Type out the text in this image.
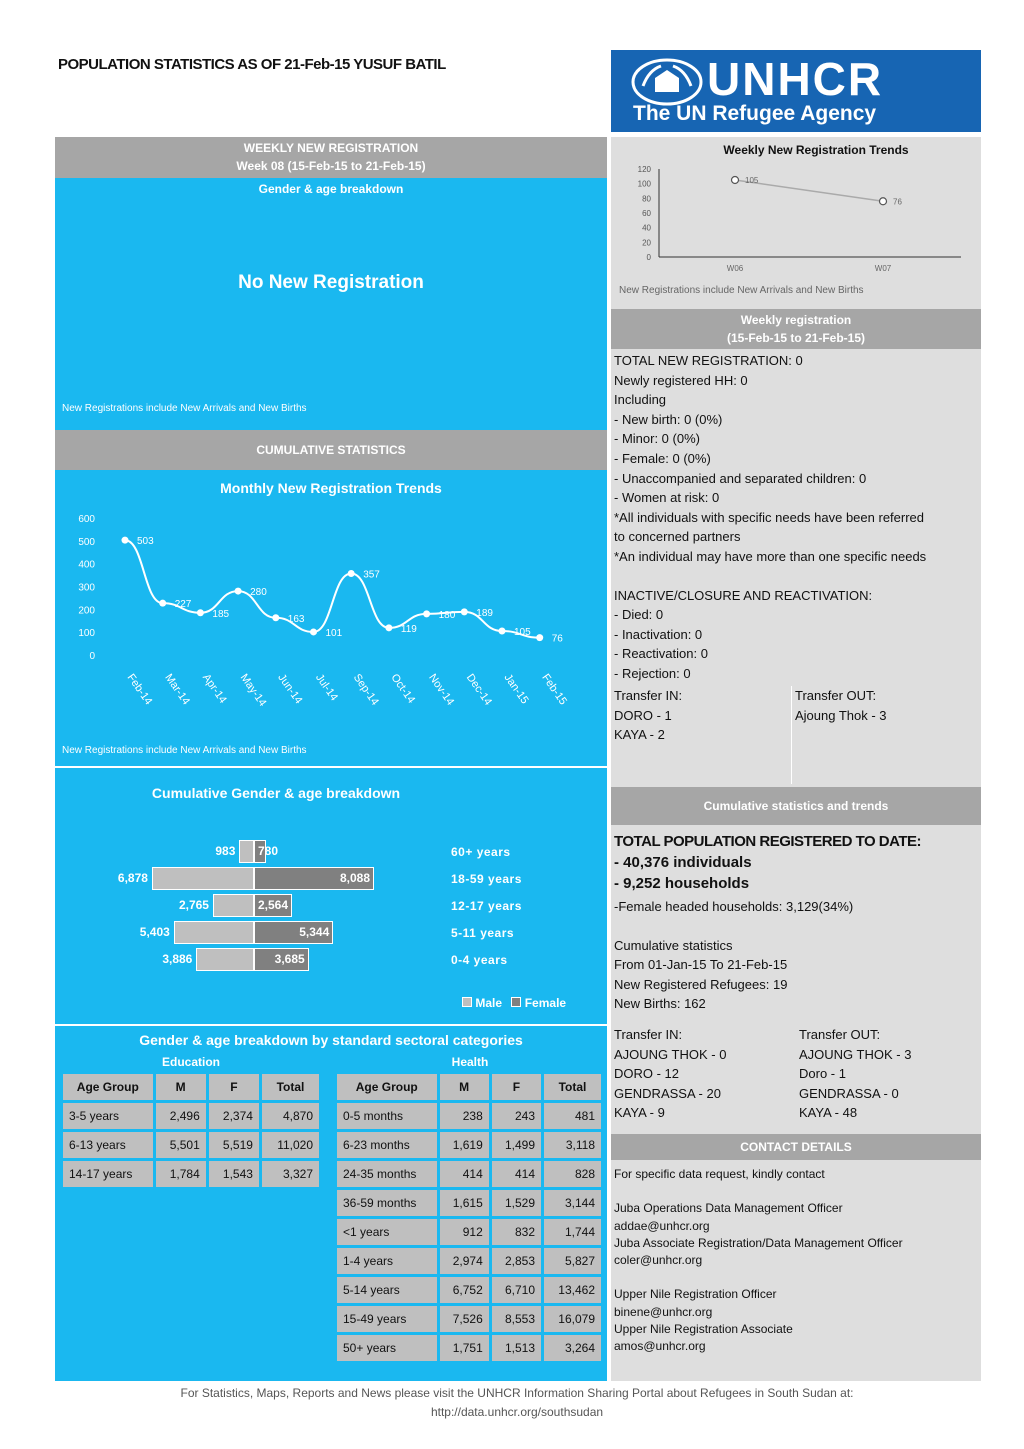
POPULATION STATISTICS AS OF 21-Feb-15 YUSUF BATIL	UNHCR
The UN Refugee Agency
WEEKLY NEW REGISTRATION
Week 08 (15-Feb-15 to 21-Feb-15)
Gender & age breakdown
No New Registration
New Registrations include New Arrivals and New Births
CUMULATIVE STATISTICS
Monthly New Registration Trends
600
500
400
300
200
100
0
503
Feb-14
227
Mar-14
185
Apr-14
280
May-14
163
Jun-14
101
Jul-14
357
Sep-14
119
Oct-14
180
Nov-14
189
Dec-14
105
Jan-15
76
Feb-15
New Registrations include New Arrivals and New Births
Cumulative Gender & age breakdown
983 780	60+ years
6,878	8,088	18-59 years
2,765	2,564	12-17 years
5,403	5,344	5-11 years
3,886	3,685	0-4 years
Male Female
Gender & age breakdown by standard sectoral categories
Education	Health
Age Group	M	F	Total
3-5 years	2,496	2,374	4,870
6-13 years	5,501	5,519	11,020
14-17 years	1,784	1,543	3,327
Age Group	M	F	Total
0-5 months	238	243	481
6-23 months	1,619	1,499	3,118
24-35 months	414	414	828
36-59 months	1,615	1,529	3,144
<1 years	912	832	1,744
1-4 years	2,974	2,853	5,827
5-14 years	6,752	6,710	13,462
15-49 years	7,526	8,553	16,079
50+ years	1,751	1,513	3,264
Weekly New Registration Trends
120
100
80
60
40
20
0
105
W06
76
W07
New Registrations include New Arrivals and New Births
Weekly registration
(15-Feb-15 to 21-Feb-15)
TOTAL NEW REGISTRATION: 0
Newly registered HH: 0
Including
- New birth: 0 (0%)
- Minor: 0 (0%)
- Female: 0 (0%)
- Unaccompanied and separated children: 0
- Women at risk: 0
*All individuals with specific needs have been referred
to concerned partners
*An individual may have more than one specific needs
INACTIVE/CLOSURE AND REACTIVATION:
- Died: 0
- Inactivation: 0
- Reactivation: 0
- Rejection: 0
Transfer IN:
DORO - 1
KAYA - 2
Transfer OUT:
Ajoung Thok - 3
Cumulative statistics and trends
TOTAL POPULATION REGISTERED TO DATE:
- 40,376 individuals
- 9,252 households
-Female headed households: 3,129(34%)
Cumulative statistics
From 01-Jan-15 To 21-Feb-15
New Registered Refugees: 19
New Births: 162
Transfer IN:
AJOUNG THOK - 0
DORO - 12
GENDRASSA - 20
KAYA - 9
Transfer OUT:
AJOUNG THOK - 3
Doro - 1
GENDRASSA - 0
KAYA - 48
CONTACT DETAILS
For specific data request, kindly contact
Juba Operations Data Management Officer
addae@unhcr.org
Juba Associate Registration/Data Management Officer
coler@unhcr.org
Upper Nile Registration Officer
binene@unhcr.org
Upper Nile Registration Associate
amos@unhcr.org
For Statistics, Maps, Reports and News please visit the UNHCR Information Sharing Portal about Refugees in South Sudan at:
http://data.unhcr.org/southsudan
